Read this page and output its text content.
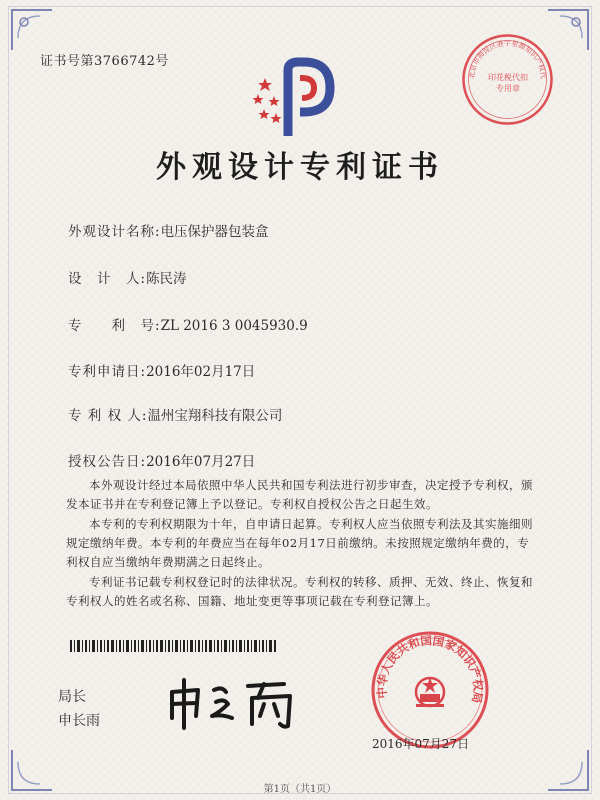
证书号第3766742号
北京市海淀区港宇星源知识产权代
印花税代扣专用章
外观设计专利证书
外观设计名称:电压保护器包装盒
设　计　人:陈民涛
专　　利　号:ZL 2016 3 0045930.9
专利申请日:2016年02月17日
专 利 权 人:温州宝翔科技有限公司
授权公告日:2016年07月27日
本外观设计经过本局依照中华人民共和国专利法进行初步审查，决定授予专利权，颁发本证书并在专利登记簿上予以登记。专利权自授权公告之日起生效。
本专利的专利权期限为十年，自申请日起算。专利权人应当依照专利法及其实施细则规定缴纳年费。本专利的年费应当在每年02月17日前缴纳。未按照规定缴纳年费的，专利权自应当缴纳年费期满之日起终止。
专利证书记载专利权登记时的法律状况。专利权的转移、质押、无效、终止、恢复和专利权人的姓名或名称、国籍、地址变更等事项记载在专利登记簿上。
局长
申长雨
中华人民共和国国家知识产权局
2016年07月27日
第1页（共1页）
